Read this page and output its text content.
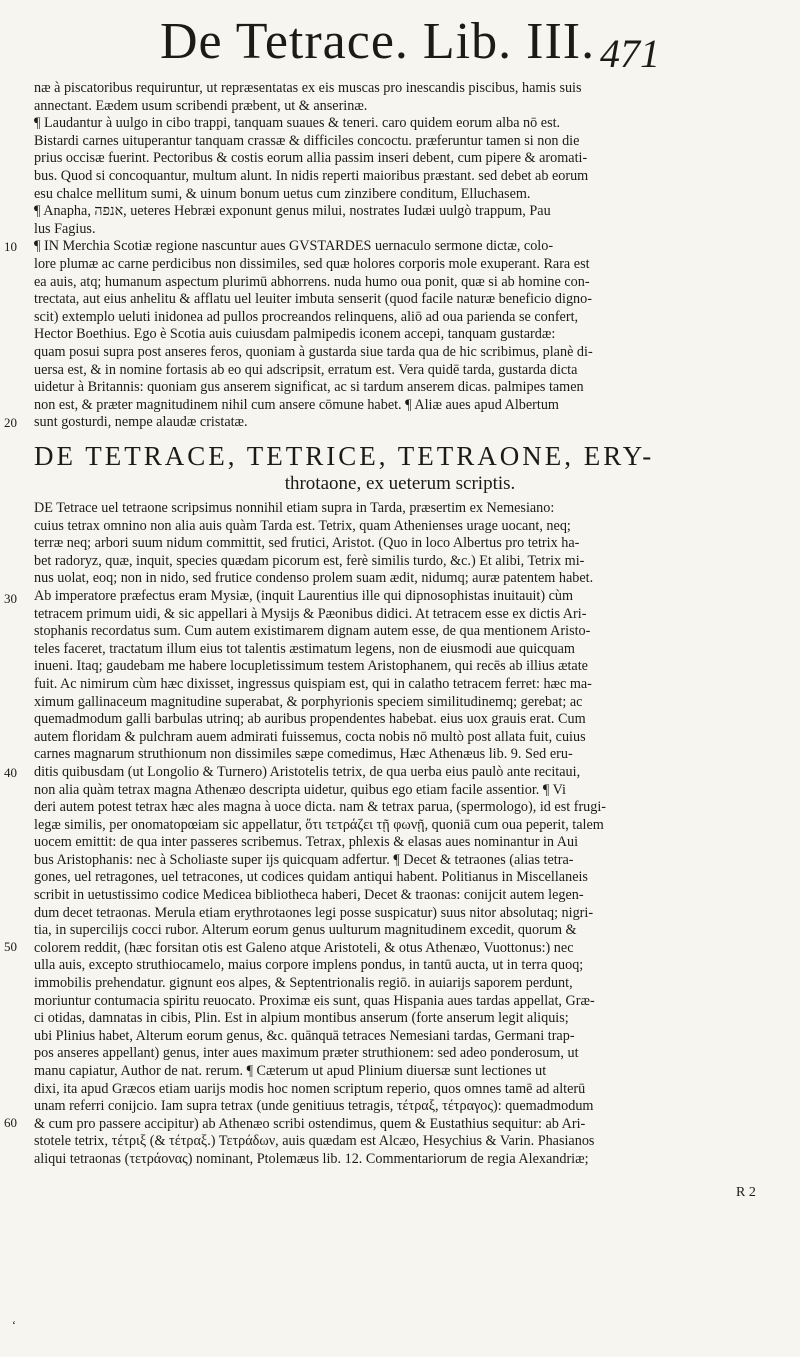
De Tetrace. Lib. III. 471
10
20
30
40
50
60
næ à piscatoribus requiruntur, ut repræsentatas ex eis muscas pro inescandis piscibus, hamis suis
annectant. Eædem usum scribendi præbent, ut & anserinæ.
¶ Laudantur à uulgo in cibo trappi, tanquam suaues & teneri. caro quidem eorum alba nō est.
Bistardi carnes uituperantur tanquam crassæ & difficiles concoctu. præferuntur tamen si non die
prius occisæ fuerint. Pectoribus & costis eorum allia passim inseri debent, cum pipere & aromati-
bus. Quod si concoquantur, multum alunt. In nidis reperti maioribus præstant. sed debet ab eorum
esu chalce mellitum sumi, & uinum bonum uetus cum zinzibere conditum, Elluchasem.
¶ Anapha, אנפה, ueteres Hebræi exponunt genus milui, nostrates Iudæi uulgò trappum, Pau
lus Fagius.
¶ IN Merchia Scotiæ regione nascuntur aues GVSTARDES uernaculo sermone dictæ, colo-
lore plumæ ac carne perdicibus non dissimiles, sed quæ holores corporis mole exuperant. Rara est
ea auis, atq; humanum aspectum plurimū abhorrens. nuda humo oua ponit, quæ si ab homine con-
trectata, aut eius anhelitu & afflatu uel leuiter imbuta senserit (quod facile naturæ beneficio digno-
scit) extemplo ueluti inidonea ad pullos procreandos relinquens, aliō ad oua parienda se confert,
Hector Boethius. Ego è Scotia auis cuiusdam palmipedis iconem accepi, tanquam gustardæ:
quam posui supra post anseres feros, quoniam à gustarda siue tarda qua de hic scribimus, planè di-
uersa est, & in nomine fortasis ab eo qui adscripsit, erratum est. Vera quidē tarda, gustarda dicta
uidetur à Britannis: quoniam gus anserem significat, ac si tardum anserem dicas. palmipes tamen
non est, & præter magnitudinem nihil cum ansere cōmune habet. ¶ Aliæ aues apud Albertum
sunt gosturdi, nempe alaudæ cristatæ.
DE TETRACE, TETRICE, TETRAONE, ERY-
throtaone, ex ueterum scriptis.
DE Tetrace uel tetraone scripsimus nonnihil etiam supra in Tarda, præsertim ex Nemesiano:
cuius tetrax omnino non alia auis quàm Tarda est. Tetrix, quam Athenienses urage uocant, neq;
terræ neq; arbori suum nidum committit, sed frutici, Aristot. (Quo in loco Albertus pro tetrix ha-
bet radoryz, quæ, inquit, species quædam picorum est, ferè similis turdo, &c.) Et alibi, Tetrix mi-
nus uolat, eoq; non in nido, sed frutice condenso prolem suam ædit, nidumq; auræ patentem habet.
Ab imperatore præfectus eram Mysiæ, (inquit Laurentius ille qui dipnosophistas inuitauit) cùm
tetracem primum uidi, & sic appellari à Mysijs & Pæonibus didici. At tetracem esse ex dictis Ari-
stophanis recordatus sum. Cum autem existimarem dignam autem esse, de qua mentionem Aristo-
teles faceret, tractatum illum eius tot talentis æstimatum legens, non de eiusmodi aue quicquam
inueni. Itaq; gaudebam me habere locupletissimum testem Aristophanem, qui recēs ab illius ætate
fuit. Ac nimirum cùm hæc dixisset, ingressus quispiam est, qui in calatho tetracem ferret: hæc ma-
ximum gallinaceum magnitudine superabat, & porphyrionis speciem similitudinemq; gerebat; ac
quemadmodum galli barbulas utrinq; ab auribus propendentes habebat. eius uox grauis erat. Cum
autem floridam & pulchram auem admirati fuissemus, cocta nobis nō multò post allata fuit, cuius
carnes magnarum struthionum non dissimiles sæpe comedimus, Hæc Athenæus lib. 9. Sed eru-
ditis quibusdam (ut Longolio & Turnero) Aristotelis tetrix, de qua uerba eius paulò ante recitaui,
non alia quàm tetrax magna Athenæo descripta uidetur, quibus ego etiam facile assentior. ¶ Vi
deri autem potest tetrax hæc ales magna à uoce dicta. nam & tetrax parua, (spermologo), id est frugi-
legæ similis, per onomatopœiam sic appellatur, ὅτι τετράζει τῇ φωνῇ, quoniā cum oua peperit, talem
uocem emittit: de qua inter passeres scribemus. Tetrax, phlexis & elasas aues nominantur in Aui
bus Aristophanis: nec à Scholiaste super ijs quicquam adfertur. ¶ Decet & tetraones (alias tetra-
gones, uel retragones, uel tetracones, ut codices quidam antiqui habent. Politianus in Miscellaneis
scribit in uetustissimo codice Medicea bibliotheca haberi, Decet & traonas: conijcit autem legen-
dum decet tetraonas. Merula etiam erythrotaones legi posse suspicatur) suus nitor absolutaq; nigri-
tia, in supercilijs cocci rubor. Alterum eorum genus uulturum magnitudinem excedit, quorum &
colorem reddit, (hæc forsitan otis est Galeno atque Aristoteli, & otus Athenæo, Vuottonus:) nec
ulla auis, excepto struthiocamelo, maius corpore implens pondus, in tantū aucta, ut in terra quoq;
immobilis prehendatur. gignunt eos alpes, & Septentrionalis regiō. in auiarijs saporem perdunt,
moriuntur contumacia spiritu reuocato. Proximæ eis sunt, quas Hispania aues tardas appellat, Græ-
ci otidas, damnatas in cibis, Plin. Est in alpium montibus anserum (forte anserum legit aliquis;
ubi Plinius habet, Alterum eorum genus, &c. quānquā tetraces Nemesiani tardas, Germani trap-
pos anseres appellant) genus, inter aues maximum præter struthionem: sed adeo ponderosum, ut
manu capiatur, Author de nat. rerum. ¶ Cæterum ut apud Plinium diuersæ sunt lectiones ut
dixi, ita apud Græcos etiam uarijs modis hoc nomen scriptum reperio, quos omnes tamē ad alterū
unam referri conijcio. Iam supra tetrax (unde genitiuus tetragis, τέτραξ, τέτραγος): quemadmodum
& cum pro passere accipitur) ab Athenæo scribi ostendimus, quem & Eustathius sequitur: ab Ari-
stotele tetrix, τέτριξ (& τέτραξ.) Τετράδων, auis quædam est Alcæo, Hesychius & Varin. Phasianos
aliqui tetraonas (τετράονας) nominant, Ptolemæus lib. 12. Commentariorum de regia Alexandriæ;
R 2
‘
